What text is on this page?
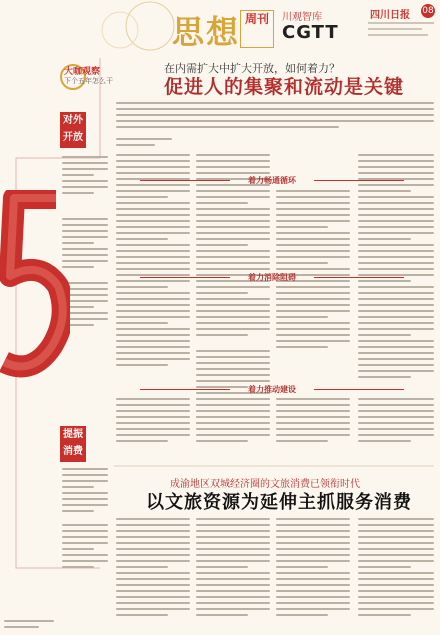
思想 周刊	川观智库
CGTT
四川日报 08
大咖观察
下个五年怎么干
对外开放
提振消费
在内需扩大中扩大开放，如何着力？
促进人的集聚和流动是关键
着力畅通循环
着力消除阻碍
着力推动建设
成渝地区双城经济圈的文旅消费已领衔时代
以文旅资源为延伸主抓服务消费
